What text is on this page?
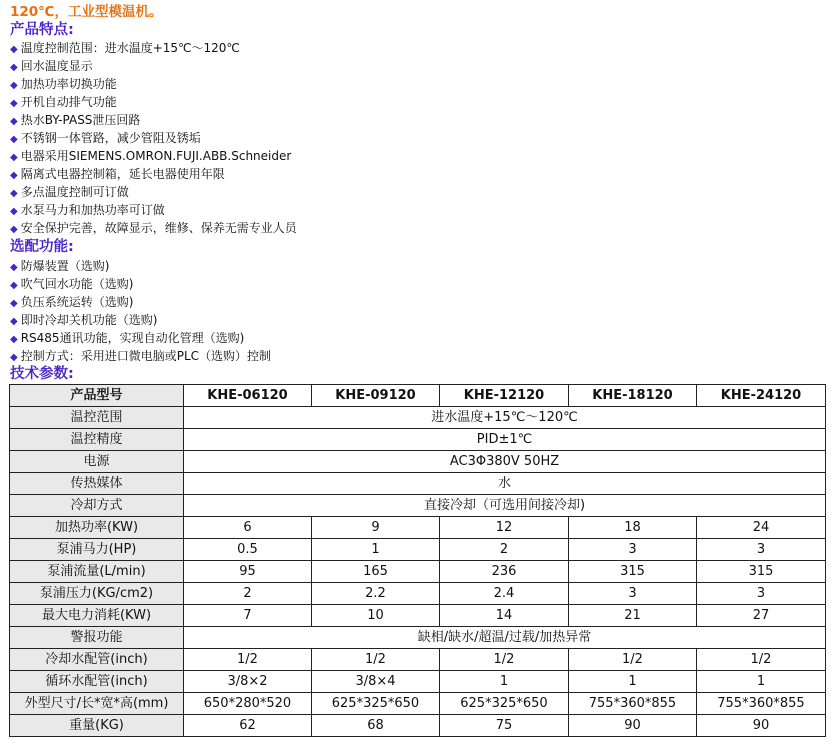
120℃，工业型模温机。
产品特点:
◆ 温度控制范围：进水温度+15℃～120℃
◆ 回水温度显示
◆ 加热功率切换功能
◆ 开机自动排气功能
◆ 热水BY-PASS泄压回路
◆ 不锈钢一体管路，减少管阻及锈垢
◆ 电器采用SIEMENS.OMRON.FUJI.ABB.Schneider
◆ 隔离式电器控制箱，延长电器使用年限
◆ 多点温度控制可订做
◆ 水泵马力和加热功率可订做
◆ 安全保护完善，故障显示，维修、保养无需专业人员
选配功能:
◆ 防爆装置（选购)
◆ 吹气回水功能（选购)
◆ 负压系统运转（选购)
◆ 即时冷却关机功能（选购)
◆ RS485通讯功能，实现自动化管理（选购)
◆ 控制方式：采用进口微电脑或PLC（选购）控制
技术参数:
产品型号	KHE-06120	KHE-09120	KHE-12120	KHE-18120	KHE-24120
温控范围	进水温度+15℃～120℃				
温控精度	PID±1℃				
电源	AC3Φ380V 50HZ				
传热媒体	水				
冷却方式	直接冷却（可选用间接冷却)				
加热功率(KW)	6	9	12	18	24
泵浦马力(HP)	0.5	1	2	3	3
泵浦流量(L/min)	95	165	236	315	315
泵浦压力(KG/cm2)	2	2.2	2.4	3	3
最大电力消耗(KW)	7	10	14	21	27
警报功能	缺相/缺水/超温/过载/加热异常				
冷却水配管(inch)	1/2	1/2	1/2	1/2	1/2
循环水配管(inch)	3/8×2	3/8×4	1	1	1
外型尺寸/长*宽*高(mm)	650*280*520	625*325*650	625*325*650	755*360*855	755*360*855
重量(KG)	62	68	75	90	90
